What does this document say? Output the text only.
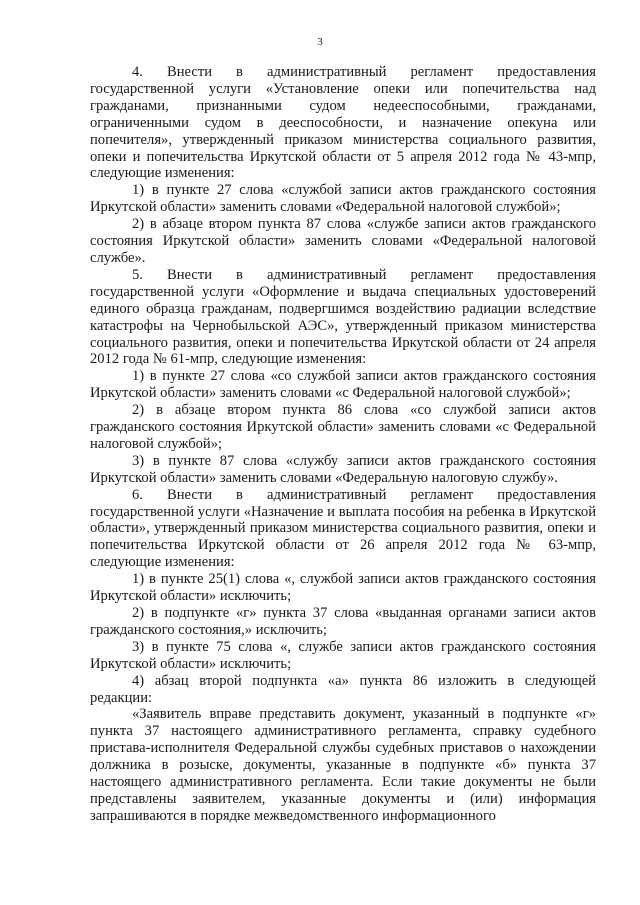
3

4. Внести в административный регламент предоставления государственной услуги «Установление опеки или попечительства над гражданами, признанными судом недееспособными, гражданами, ограниченными судом в дееспособности, и назначение опекуна или попечителя», утвержденный приказом министерства социального развития, опеки и попечительства Иркутской области от 5 апреля 2012 года № 43-мпр, следующие изменения:

1) в пункте 27 слова «службой записи актов гражданского состояния Иркутской области» заменить словами «Федеральной налоговой службой»;

2) в абзаце втором пункта 87 слова «службе записи актов гражданского состояния Иркутской области» заменить словами «Федеральной налоговой службе».

5. Внести в административный регламент предоставления государственной услуги «Оформление и выдача специальных удостоверений единого образца гражданам, подвергшимся воздействию радиации вследствие катастрофы на Чернобыльской АЭС», утвержденный приказом министерства социального развития, опеки и попечительства Иркутской области от 24 апреля 2012 года № 61-мпр, следующие изменения:

1) в пункте 27 слова «со службой записи актов гражданского состояния Иркутской области» заменить словами «с Федеральной налоговой службой»;

2) в абзаце втором пункта 86 слова «со службой записи актов гражданского состояния Иркутской области» заменить словами «с Федеральной налоговой службой»;

3) в пункте 87 слова «службу записи актов гражданского состояния Иркутской области» заменить словами «Федеральную налоговую службу».

6. Внести в административный регламент предоставления государственной услуги «Назначение и выплата пособия на ребенка в Иркутской области», утвержденный приказом министерства социального развития, опеки и попечительства Иркутской области от 26 апреля 2012 года № 63-мпр, следующие изменения:

1) в пункте 25(1) слова «, службой записи актов гражданского состояния Иркутской области» исключить;

2) в подпункте «г» пункта 37 слова «выданная органами записи актов гражданского состояния,» исключить;

3) в пункте 75 слова «, службе записи актов гражданского состояния Иркутской области» исключить;

4) абзац второй подпункта «а» пункта 86 изложить в следующей редакции:

«Заявитель вправе представить документ, указанный в подпункте «г» пункта 37 настоящего административного регламента, справку судебного пристава-исполнителя Федеральной службы судебных приставов о нахождении должника в розыске, документы, указанные в подпункте «б» пункта 37 настоящего административного регламента. Если такие документы не были представлены заявителем, указанные документы и (или) информация запрашиваются в порядке межведомственного информационного
